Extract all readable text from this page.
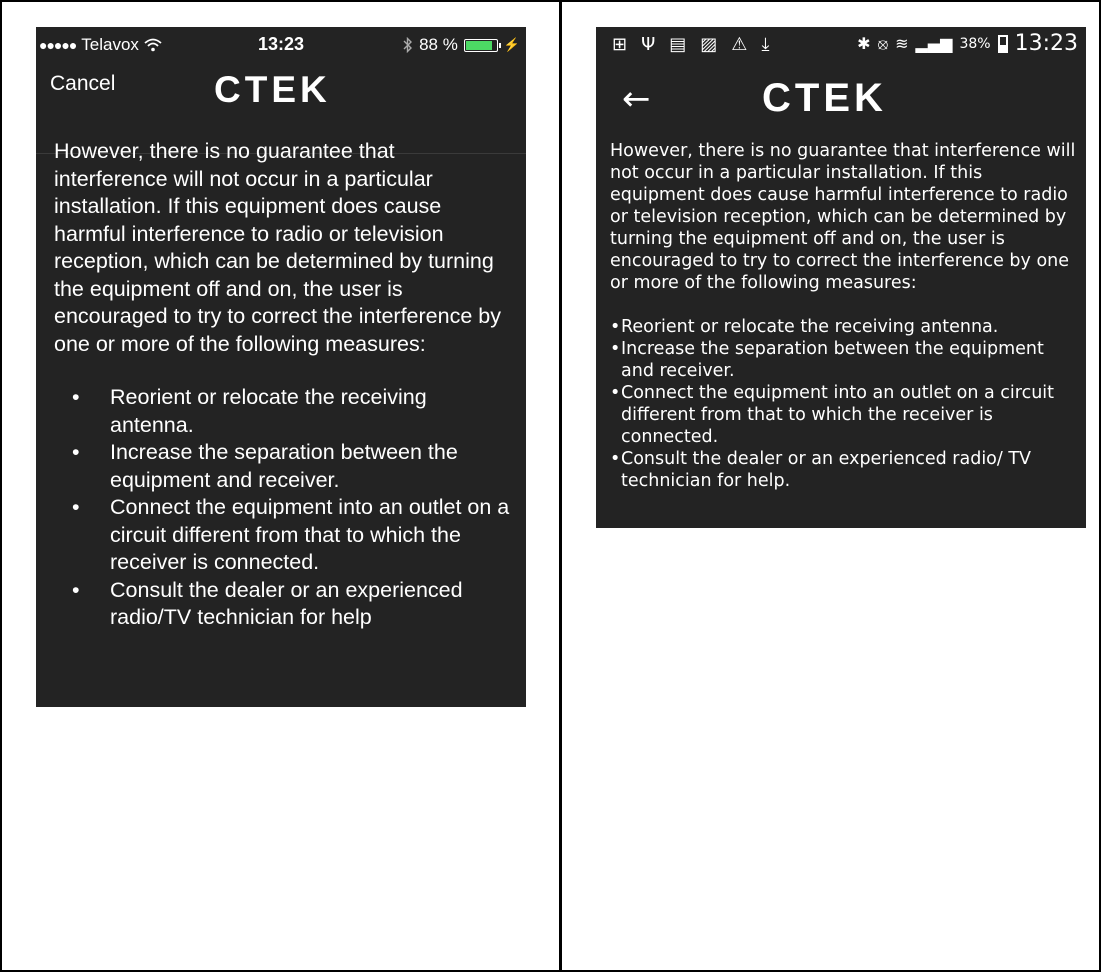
●●●●● Telavox	13:23	88 %	⚡
Cancel	CTEK

However, there is no guarantee that interference will not occur in a particular installation. If this equipment does cause harmful interference to radio or television reception, which can be determined by turning the equipment off and on, the user is encouraged to try to correct the interference by one or more of the following measures:

• Reorient or relocate the receiving antenna.
• Increase the separation between the equipment and receiver.
• Connect the equipment into an outlet on a circuit different from that to which the receiver is connected.
• Consult the dealer or an experienced radio/TV technician for help
⊞ Ψ ▤ ▨ ⚠ ⤓	✱ ⦻ ≋ ▂▄▆ 38% 13:23
←	CTEK

However, there is no guarantee that interference will not occur in a particular installation. If this equipment does cause harmful interference to radio or television reception, which can be determined by turning the equipment off and on, the user is encouraged to try to correct the interference by one or more of the following measures:

• Reorient or relocate the receiving antenna.
• Increase the separation between the equipment and receiver.
• Connect the equipment into an outlet on a circuit different from that to which the receiver is connected.
• Consult the dealer or an experienced radio/ TV technician for help.
